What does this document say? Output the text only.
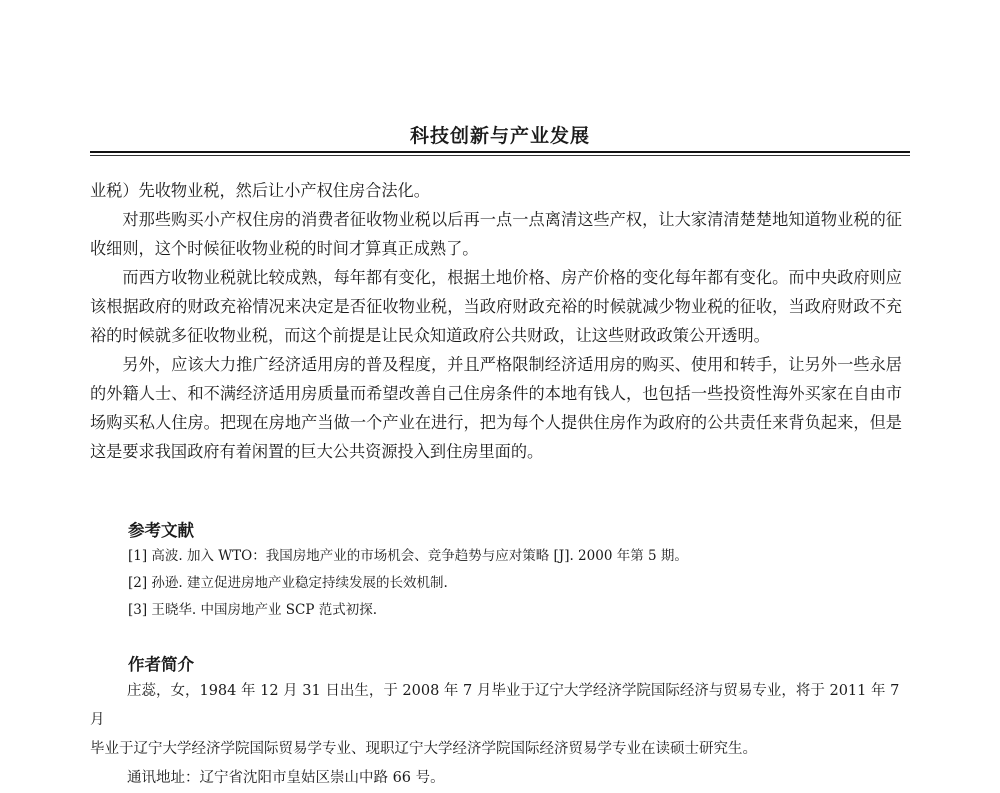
科技创新与产业发展

业税）先收物业税，然后让小产权住房合法化。

对那些购买小产权住房的消费者征收物业税以后再一点一点离清这些产权，让大家清清楚楚地知道物业税的征收细则，这个时候征收物业税的时间才算真正成熟了。

而西方收物业税就比较成熟，每年都有变化，根据土地价格、房产价格的变化每年都有变化。而中央政府则应该根据政府的财政充裕情况来决定是否征收物业税，当政府财政充裕的时候就减少物业税的征收，当政府财政不充裕的时候就多征收物业税，而这个前提是让民众知道政府公共财政，让这些财政政策公开透明。

另外，应该大力推广经济适用房的普及程度，并且严格限制经济适用房的购买、使用和转手，让另外一些永居的外籍人士、和不满经济适用房质量而希望改善自己住房条件的本地有钱人，也包括一些投资性海外买家在自由市场购买私人住房。把现在房地产当做一个产业在进行，把为每个人提供住房作为政府的公共责任来背负起来，但是这是要求我国政府有着闲置的巨大公共资源投入到住房里面的。

参考文献
[1] 高波. 加入 WTO：我国房地产业的市场机会、竞争趋势与应对策略 [J]. 2000 年第 5 期。
[2] 孙逊. 建立促进房地产业稳定持续发展的长效机制.
[3] 王晓华. 中国房地产业 SCP 范式初探.
作者简介

庄蕊，女，1984 年 12 月 31 日出生，于 2008 年 7 月毕业于辽宁大学经济学院国际经济与贸易专业，将于 2011 年 7 月

毕业于辽宁大学经济学院国际贸易学专业、现职辽宁大学经济学院国际经济贸易学专业在读硕士研究生。

通讯地址：辽宁省沈阳市皇姑区崇山中路 66 号。
